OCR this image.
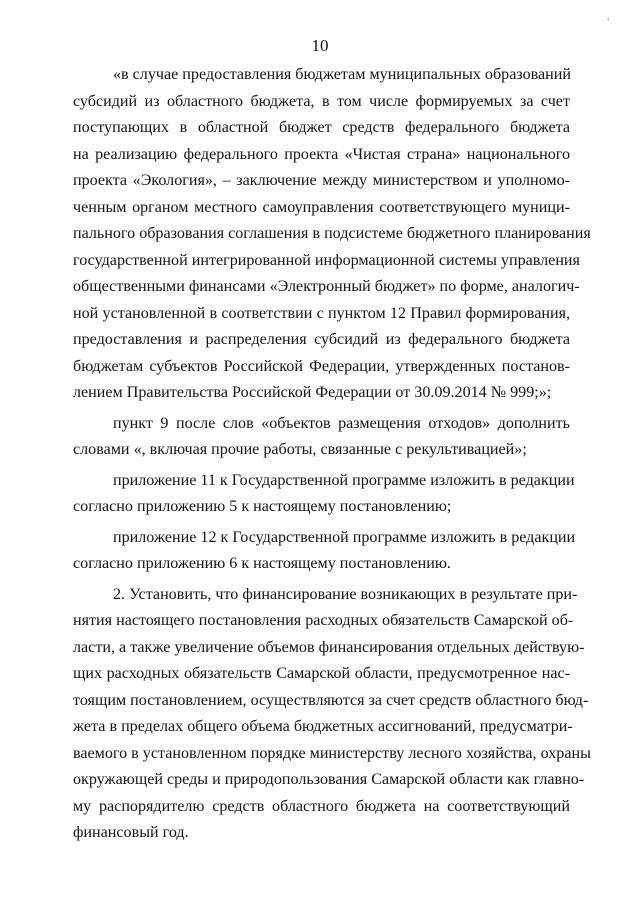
·
10
«в случае предоставления бюджетам муниципальных образований
субсидий из областного бюджета, в том числе формируемых за счет
поступающих в областной бюджет средств федерального бюджета
на реализацию федерального проекта «Чистая страна» национального
проекта «Экология», – заключение между министерством и уполномо-
ченным органом местного самоуправления соответствующего муници-
пального образования соглашения в подсистеме бюджетного планирования
государственной интегрированной информационной системы управления
общественными финансами «Электронный бюджет» по форме, аналогич-
ной установленной в соответствии с пунктом 12 Правил формирования,
предоставления и распределения субсидий из федерального бюджета
бюджетам субъектов Российской Федерации, утвержденных постанов-
лением Правительства Российской Федерации от 30.09.2014 № 999;»;
пункт 9 после слов «объектов размещения отходов» дополнить
словами «, включая прочие работы, связанные с рекультивацией»;
приложение 11 к Государственной программе изложить в редакции
согласно приложению 5 к настоящему постановлению;
приложение 12 к Государственной программе изложить в редакции
согласно приложению 6 к настоящему постановлению.
2. Установить, что финансирование возникающих в результате при-
нятия настоящего постановления расходных обязательств Самарской об-
ласти, а также увеличение объемов финансирования отдельных действую-
щих расходных обязательств Самарской области, предусмотренное нас-
тоящим постановлением, осуществляются за счет средств областного бюд-
жета в пределах общего объема бюджетных ассигнований, предусматри-
ваемого в установленном порядке министерству лесного хозяйства, охраны
окружающей среды и природопользования Самарской области как главно-
му распорядителю средств областного бюджета на соответствующий
финансовый год.
